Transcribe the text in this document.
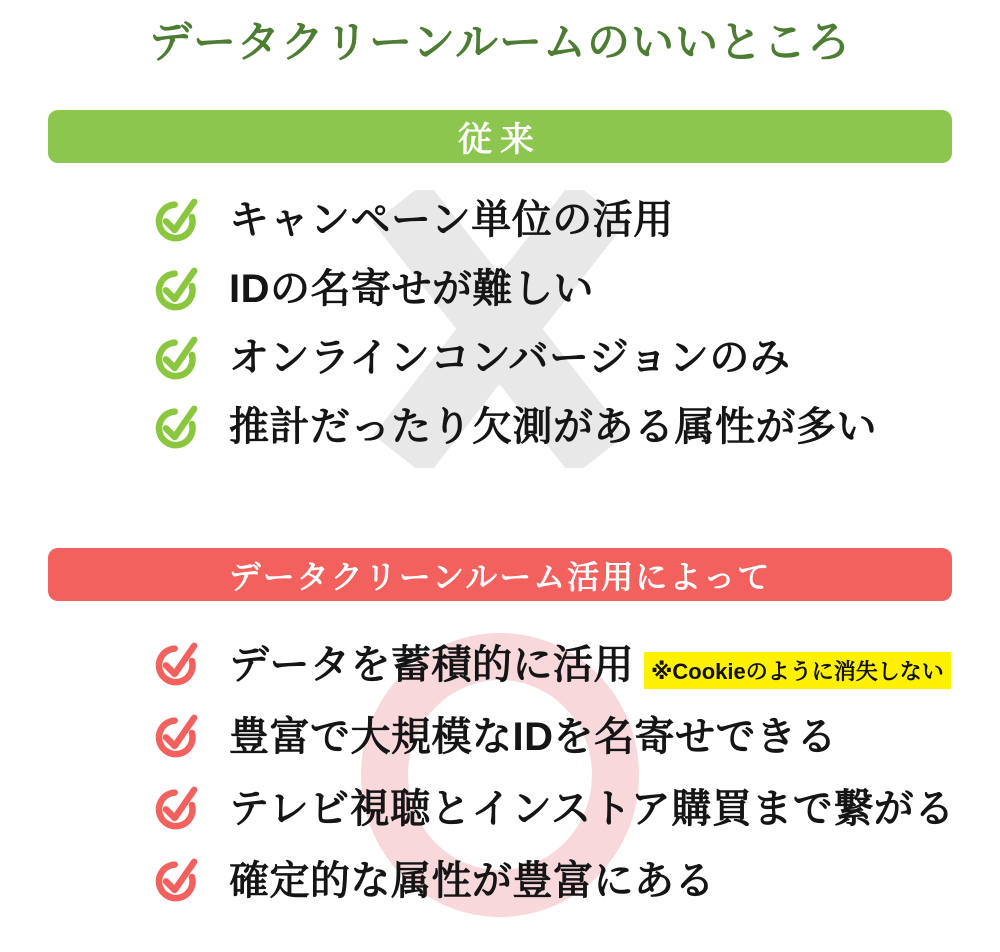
データクリーンルームのいいところ
従来
キャンペーン単位の活用
IDの名寄せが難しい
オンラインコンバージョンのみ
推計だったり欠測がある属性が多い
データクリーンルーム活用によって
データを蓄積的に活用 ※Cookieのように消失しない
豊富で大規模なIDを名寄せできる
テレビ視聴とインストア購買まで繋がる
確定的な属性が豊富にある
